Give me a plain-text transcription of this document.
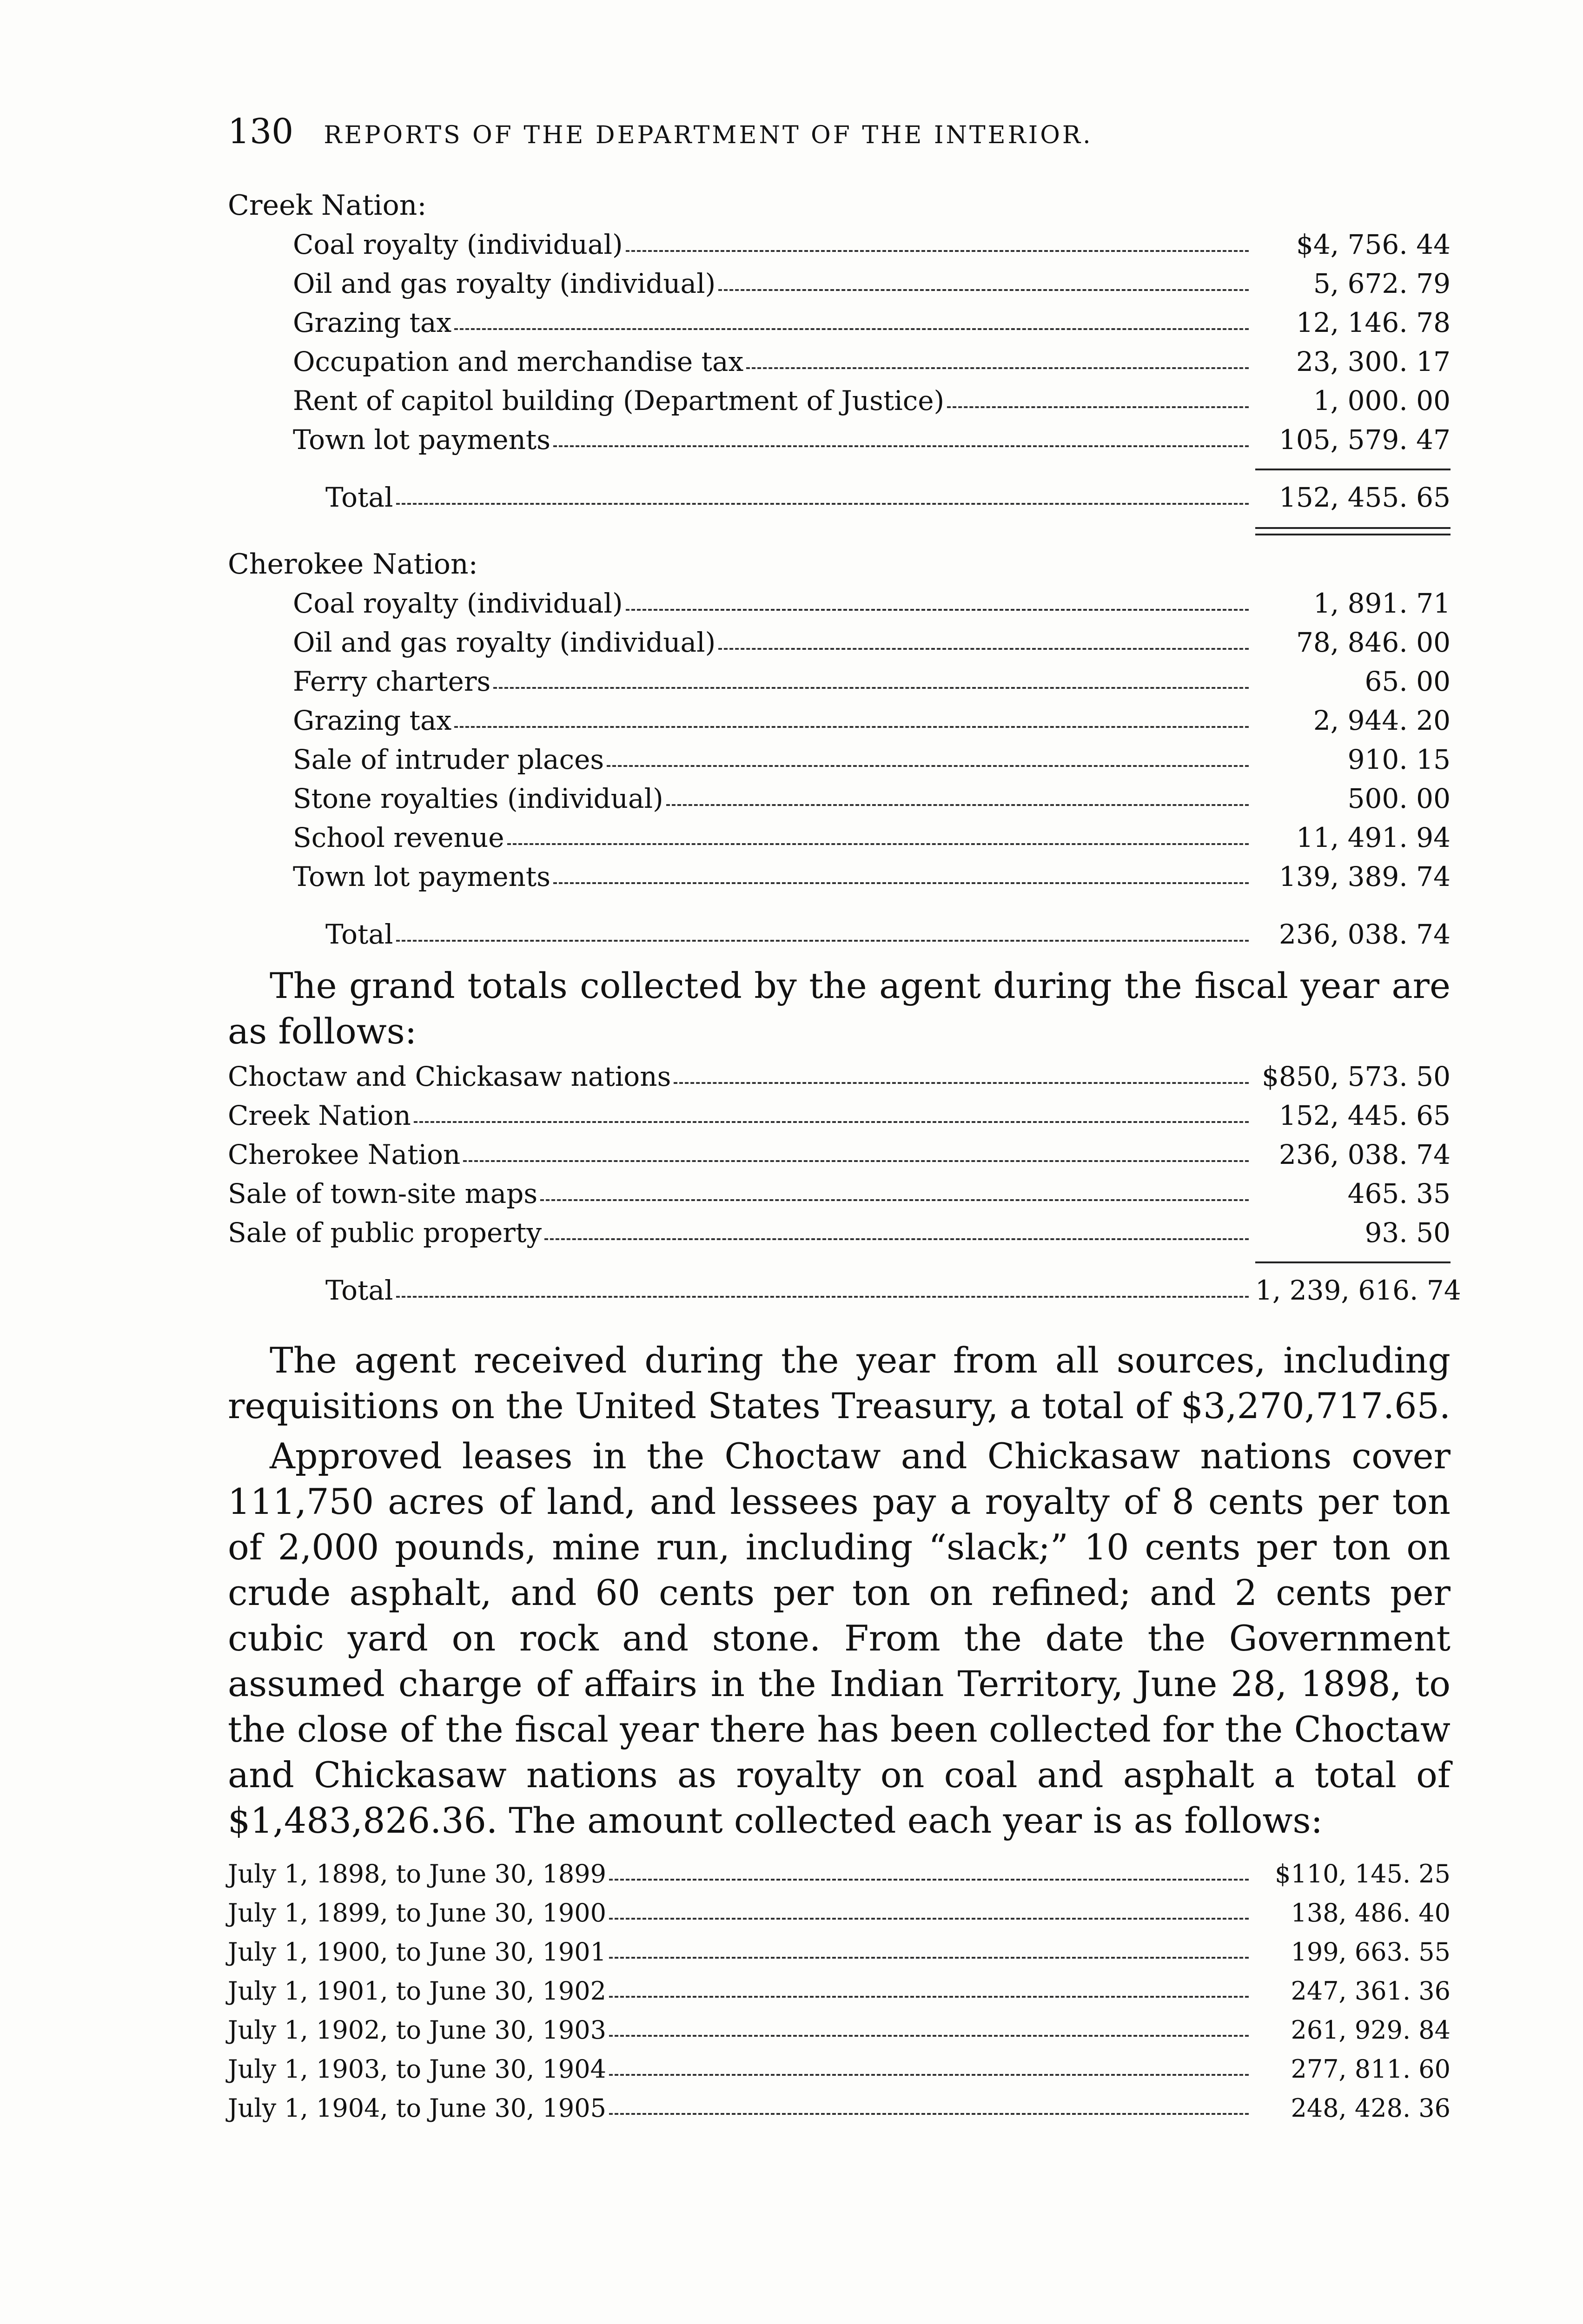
130 REPORTS OF THE DEPARTMENT OF THE INTERIOR.
Creek Nation:
Coal royalty (individual)	$4, 756. 44
Oil and gas royalty (individual)	5, 672. 79
Grazing tax	12, 146. 78
Occupation and merchandise tax	23, 300. 17
Rent of capitol building (Department of Justice)	1, 000. 00
Town lot payments	105, 579. 47
Total	152, 455. 65
Cherokee Nation:
Coal royalty (individual)	1, 891. 71
Oil and gas royalty (individual)	78, 846. 00
Ferry charters	65. 00
Grazing tax	2, 944. 20
Sale of intruder places	910. 15
Stone royalties (individual)	500. 00
School revenue	11, 491. 94
Town lot payments	139, 389. 74
Total	236, 038. 74

The grand totals collected by the agent during the fiscal year are as follows:

Choctaw and Chickasaw nations	$850, 573. 50
Creek Nation	152, 445. 65
Cherokee Nation	236, 038. 74
Sale of town-site maps	465. 35
Sale of public property	93. 50
Total	1, 239, 616. 74

The agent received during the year from all sources, including requisitions on the United States Treasury, a total of $3,270,717.65.

Approved leases in the Choctaw and Chickasaw nations cover 111,750 acres of land, and lessees pay a royalty of 8 cents per ton of 2,000 pounds, mine run, including “slack;” 10 cents per ton on crude asphalt, and 60 cents per ton on refined; and 2 cents per cubic yard on rock and stone. From the date the Government assumed charge of affairs in the Indian Territory, June 28, 1898, to the close of the fiscal year there has been collected for the Choctaw and Chickasaw nations as royalty on coal and asphalt a total of $1,483,826.36. The amount collected each year is as follows:

July 1, 1898, to June 30, 1899	$110, 145. 25
July 1, 1899, to June 30, 1900	138, 486. 40
July 1, 1900, to June 30, 1901	199, 663. 55
July 1, 1901, to June 30, 1902	247, 361. 36
July 1, 1902, to June 30, 1903	261, 929. 84
July 1, 1903, to June 30, 1904	277, 811. 60
July 1, 1904, to June 30, 1905	248, 428. 36
